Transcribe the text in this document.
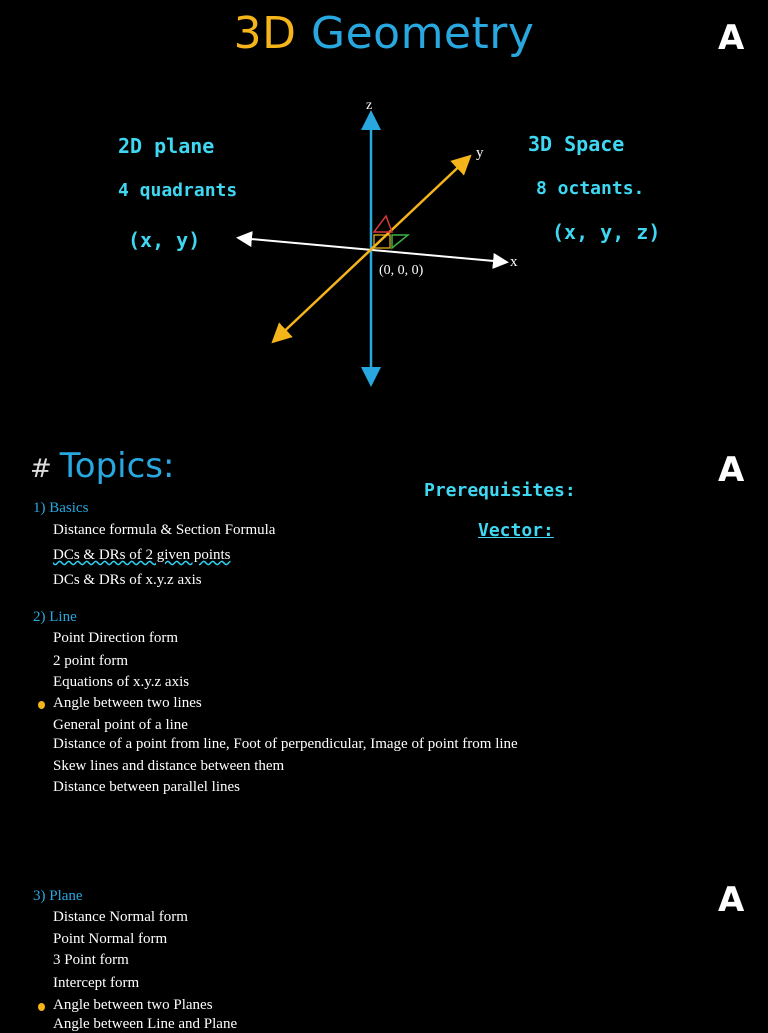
3D Geometry	A
A
A
2D plane
4 quadrants
(x, y)
3D Space
8 octants.
(x, y, z)
z
y
x
(0, 0, 0)
# Topics:
Prerequisites:
Vector:
1) Basics
Distance formula & Section Formula
DCs & DRs of 2 given points
DCs & DRs of x.y.z axis
2) Line
Point Direction form
2 point form
Equations of x.y.z axis
Angle between two lines
General point of a line
Distance of a point from line, Foot of perpendicular, Image of point from line
Skew lines and distance between them
Distance between parallel lines
3) Plane
Distance Normal form
Point Normal form
3 Point form
Intercept form
Angle between two Planes
Angle between Line and Plane
